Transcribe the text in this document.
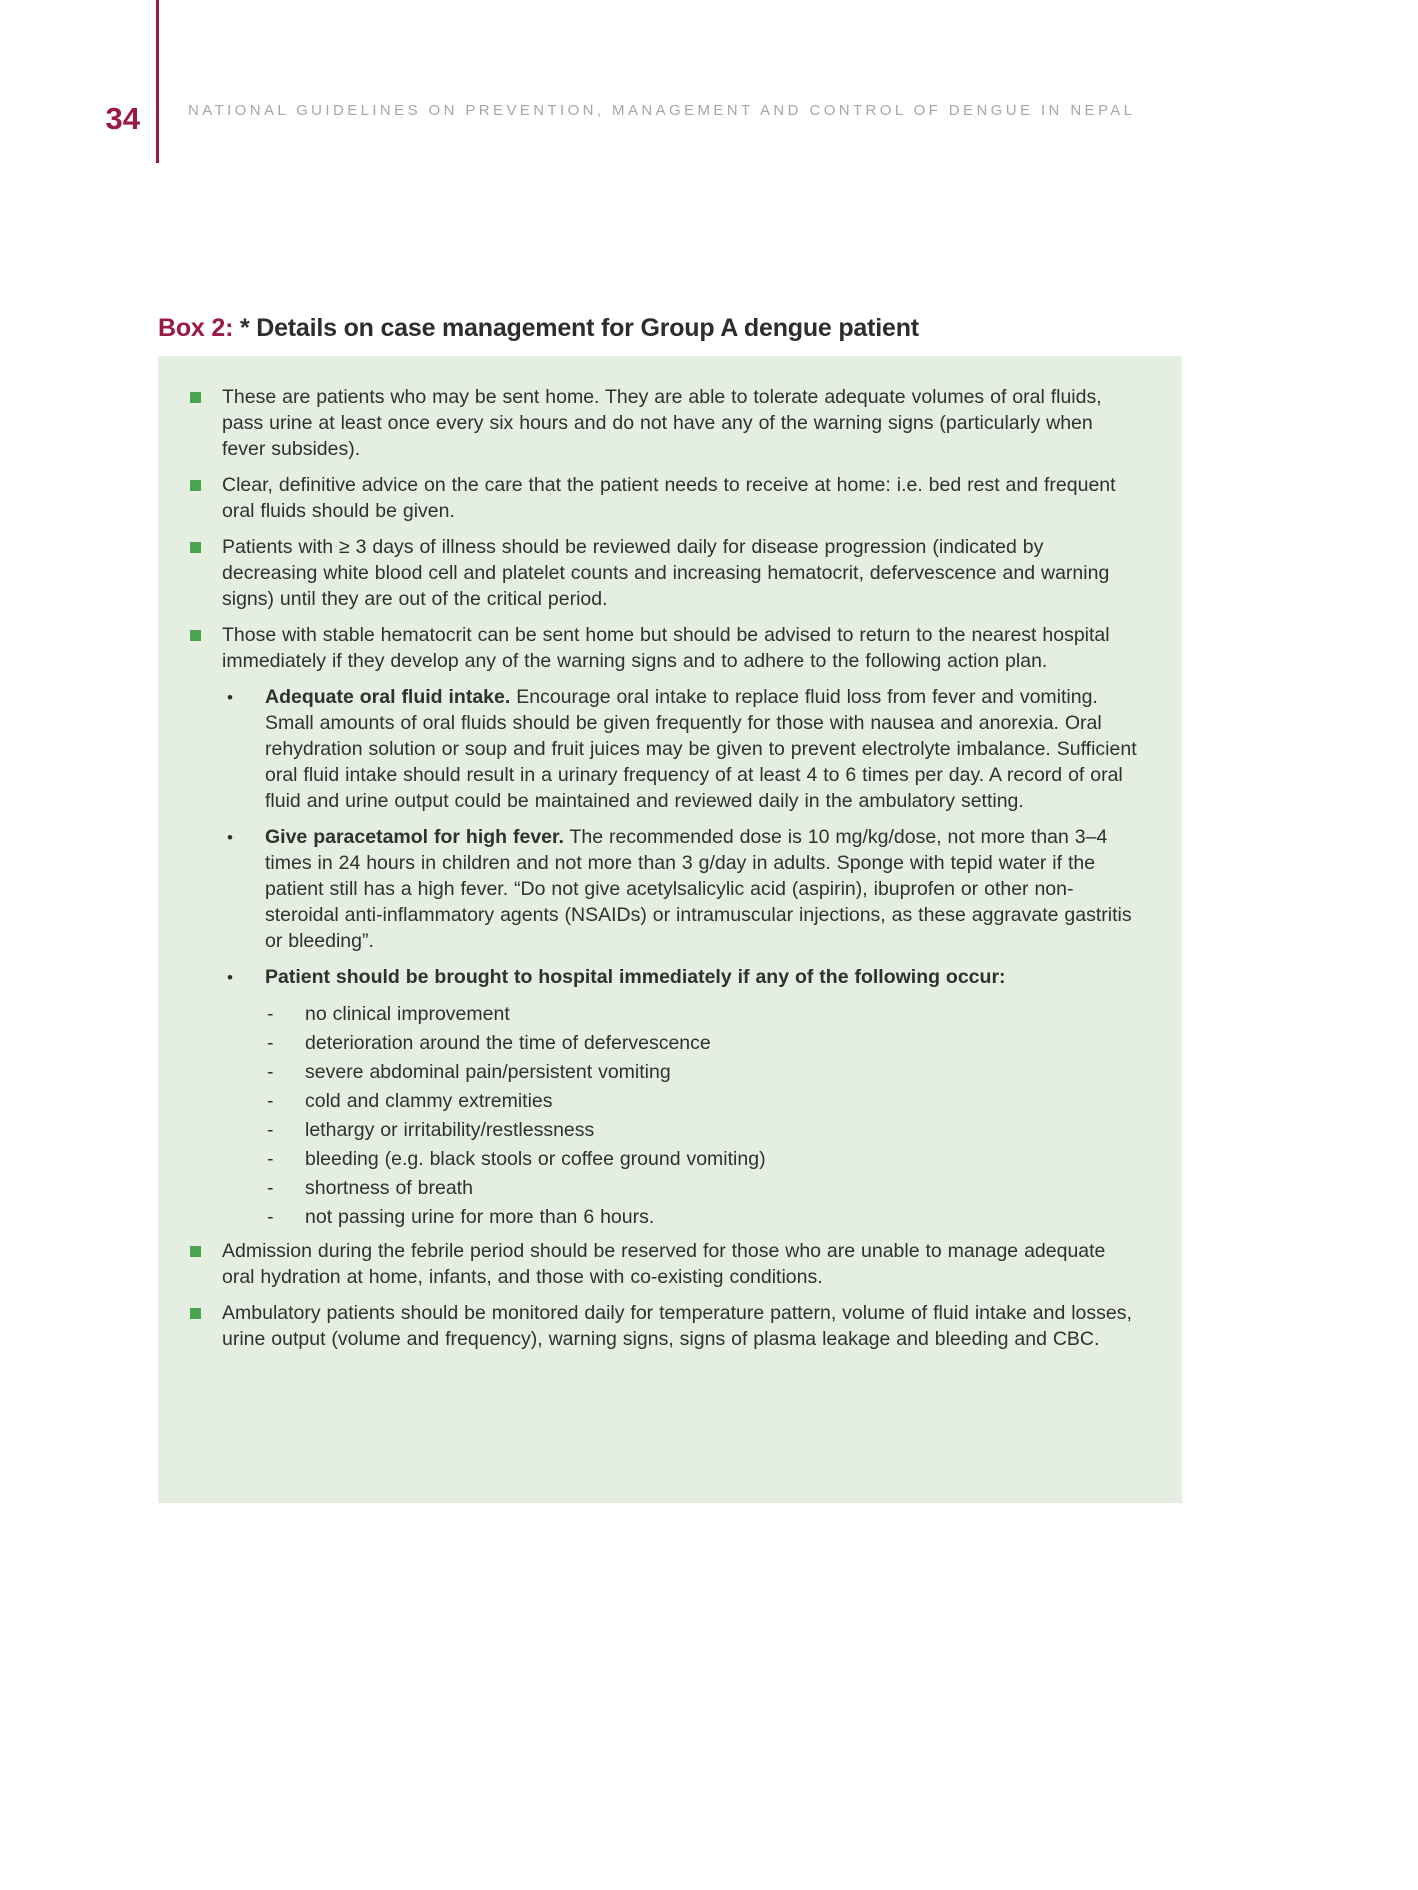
34	NATIONAL GUIDELINES ON PREVENTION, MANAGEMENT AND CONTROL OF DENGUE IN NEPAL
Box 2: * Details on case management for Group A dengue patient

These are patients who may be sent home. They are able to tolerate adequate volumes of oral fluids, pass urine at least once every six hours and do not have any of the warning signs (particularly when fever subsides).

Clear, definitive advice on the care that the patient needs to receive at home: i.e. bed rest and frequent oral fluids should be given.

Patients with ≥ 3 days of illness should be reviewed daily for disease progression (indicated by decreasing white blood cell and platelet counts and increasing hematocrit, defervescence and warning signs) until they are out of the critical period.

Those with stable hematocrit can be sent home but should be advised to return to the nearest hospital immediately if they develop any of the warning signs and to adhere to the following action plan.

•

Adequate oral fluid intake. Encourage oral intake to replace fluid loss from fever and vomiting. Small amounts of oral fluids should be given frequently for those with nausea and anorexia. Oral rehydration solution or soup and fruit juices may be given to prevent electrolyte imbalance. Sufficient oral fluid intake should result in a urinary frequency of at least 4 to 6 times per day. A record of oral fluid and urine output could be maintained and reviewed daily in the ambulatory setting.

•

Give paracetamol for high fever. The recommended dose is 10 mg/kg/dose, not more than 3–4 times in 24 hours in children and not more than 3 g/day in adults. Sponge with tepid water if the patient still has a high fever. “Do not give acetylsalicylic acid (aspirin), ibuprofen or other non-steroidal anti-inflammatory agents (NSAIDs) or intramuscular injections, as these aggravate gastritis or bleeding”.

•

Patient should be brought to hospital immediately if any of the following occur:

-

no clinical improvement

-

deterioration around the time of defervescence

-

severe abdominal pain/persistent vomiting

-

cold and clammy extremities

-

lethargy or irritability/restlessness

-

bleeding (e.g. black stools or coffee ground vomiting)

-

shortness of breath

-

not passing urine for more than 6 hours.

Admission during the febrile period should be reserved for those who are unable to manage adequate oral hydration at home, infants, and those with co-existing conditions.

Ambulatory patients should be monitored daily for temperature pattern, volume of fluid intake and losses, urine output (volume and frequency), warning signs, signs of plasma leakage and bleeding and CBC.
